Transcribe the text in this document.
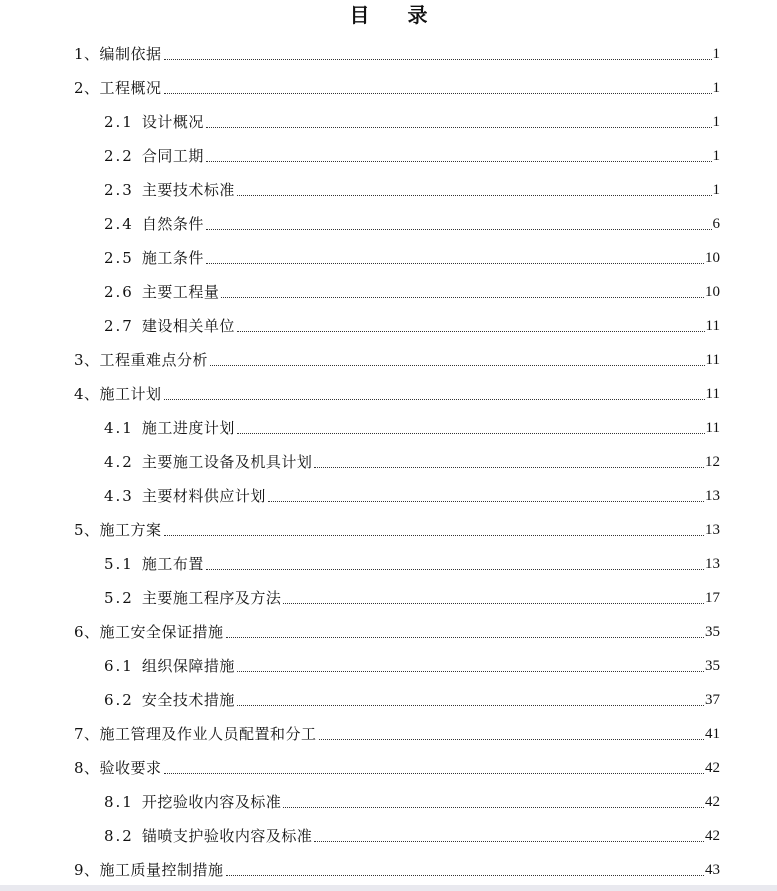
目 录
1、编制依据	1
2、工程概况	1
2.1 设计概况	1
2.2 合同工期	1
2.3 主要技术标准	1
2.4 自然条件	6
2.5 施工条件	10
2.6 主要工程量	10
2.7 建设相关单位	11
3、工程重难点分析	11
4、施工计划	11
4.1 施工进度计划	11
4.2 主要施工设备及机具计划	12
4.3 主要材料供应计划	13
5、施工方案	13
5.1 施工布置	13
5.2 主要施工程序及方法	17
6、施工安全保证措施	35
6.1 组织保障措施	35
6.2 安全技术措施	37
7、施工管理及作业人员配置和分工	41
8、验收要求	42
8.1 开挖验收内容及标准	42
8.2 锚喷支护验收内容及标准	42
9、施工质量控制措施	43
